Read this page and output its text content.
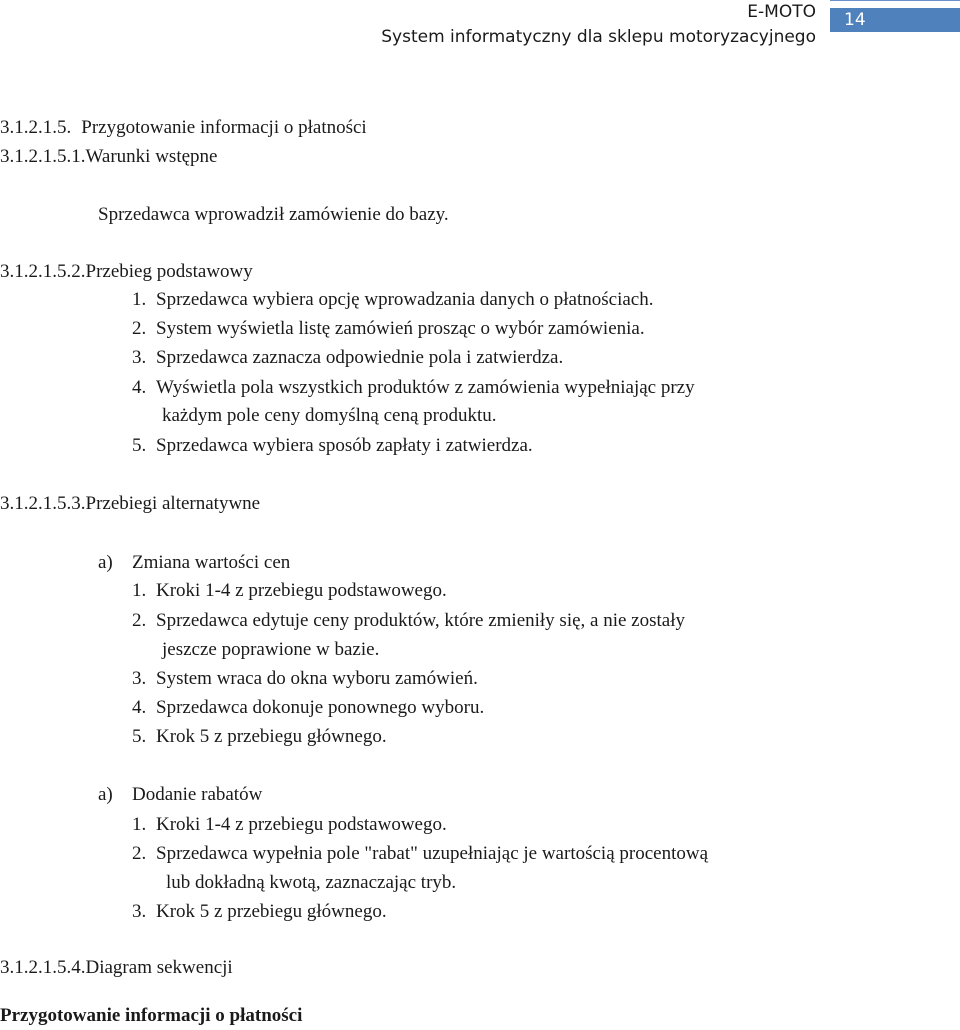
E-MOTO
System informatyczny dla sklepu motoryzacyjnego
14
3.1.2.1.5. Przygotowanie informacji o płatności
3.1.2.1.5.1.Warunki wstępne
Sprzedawca wprowadził zamówienie do bazy.
3.1.2.1.5.2.Przebieg podstawowy
1. Sprzedawca wybiera opcję wprowadzania danych o płatnościach.
2. System wyświetla listę zamówień prosząc o wybór zamówienia.
3. Sprzedawca zaznacza odpowiednie pola i zatwierdza.
4. Wyświetla pola wszystkich produktów z zamówienia wypełniając przy
każdym pole ceny domyślną ceną produktu.
5. Sprzedawca wybiera sposób zapłaty i zatwierdza.
3.1.2.1.5.3.Przebiegi alternatywne
a) Zmiana wartości cen
1. Kroki 1-4 z przebiegu podstawowego.
2. Sprzedawca edytuje ceny produktów, które zmieniły się, a nie zostały
jeszcze poprawione w bazie.
3. System wraca do okna wyboru zamówień.
4. Sprzedawca dokonuje ponownego wyboru.
5. Krok 5 z przebiegu głównego.
a) Dodanie rabatów
1. Kroki 1-4 z przebiegu podstawowego.
2. Sprzedawca wypełnia pole "rabat" uzupełniając je wartością procentową
lub dokładną kwotą, zaznaczając tryb.
3. Krok 5 z przebiegu głównego.
3.1.2.1.5.4.Diagram sekwencji
Przygotowanie informacji o płatności
